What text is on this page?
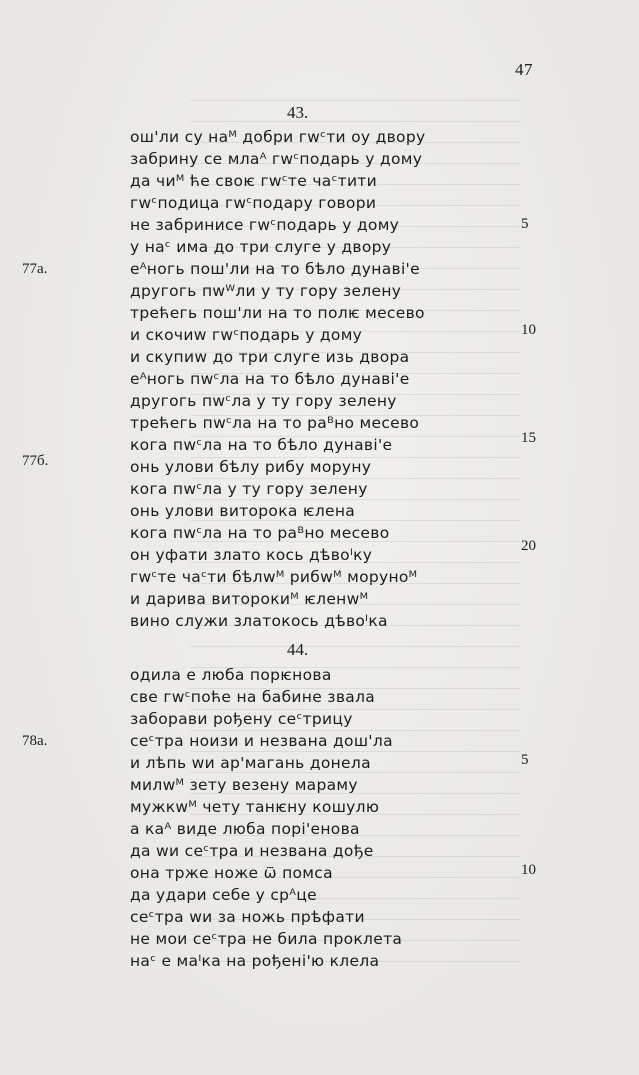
47
43.
ош'ли су наᴹ добри гwᶜти оу двору
забрину се млаᴬ гwᶜподарь у дому
да чиᴹ ће своѥ гwᶜте чаᶜтити
гwᶜподица гwᶜподару говори
не забринисе гwᶜподарь у дому
у наᶜ има до три слуге у двору
еᴬногь пош'ли на то бѣло дунаві'е
другогь пwᵂли у ту гору зелену
трећегь пош'ли на то полѥ месево
и скочиw гwᶜподарь у дому
и скупиw до три слуге изь двора
еᴬногь пwᶜла на то бѣло дунаві'е
другогь пwᶜла у ту гору зелену
трећегь пwᶜла на то раᴮно месево
кога пwᶜла на то бѣло дунаві'е
онь улови бѣлу рибу моруну
кога пwᶜла у ту гору зелену
онь улови витoрока ѥлена
кога пwᶜла на то раᴮно месево
он уфати злато кось дѣвоᴵку
гwᶜте чаᶜти бѣлwᴹ рибwᴹ моруноᴹ
и дарива витoрокиᴹ ѥленwᴹ
вино служи златокось дѣвоᴵка
77а.
77б.
5
10
15
20
44.
одила е люба порѥнова
све гwᶜпоће на бабине звала
заборави рођену сеᶜтрицу
сеᶜтра нoизи и незвана дош'ла
и лѣпь wи ар'магань донела
милwᴹ зету везену мараму
мужкwᴹ чету танѥну кошулю
а каᴬ виде люба порі'енова
да wи сеᶜтра и незвана дође
она трже ноже ѿ помса
да удари себе у срᴬце
сеᶜтра wи за ножь прѣфати
не мои сеᶜтра не била проклета
наᶜ е маᴵка на рођені'ю клела
78а.
5
10
